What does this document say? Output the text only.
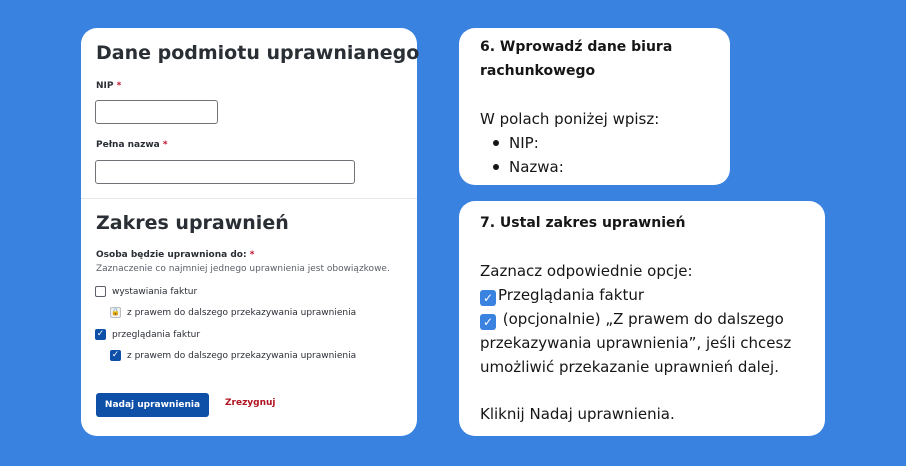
Dane podmiotu uprawnianego
NIP *
Pełna nazwa *
Zakres uprawnień
Osoba będzie uprawniona do: *
Zaznaczenie co najmniej jednego uprawnienia jest obowiązkowe.
wystawiania faktur
🔒 z prawem do dalszego przekazywania uprawnienia
✓ przeglądania faktur
✓ z prawem do dalszego przekazywania uprawnienia
Nadaj uprawnienia	Zrezygnuj
6. Wprowadź dane biura
rachunkowego
W polach poniżej wpisz:
NIP:
Nazwa:
7. Ustal zakres uprawnień
Zaznacz odpowiednie opcje:
✓ Przeglądania faktur
✓ (opcjonalnie) „Z prawem do dalszego
przekazywania uprawnienia”, jeśli chcesz
umożliwić przekazanie uprawnień dalej.
Kliknij Nadaj uprawnienia.
